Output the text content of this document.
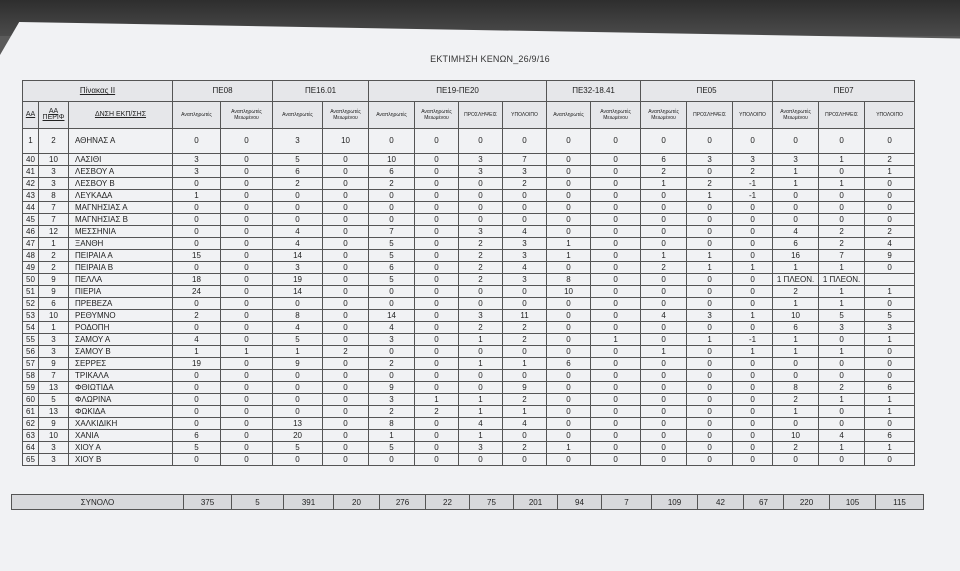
ΕΚΤΙΜΗΣΗ ΚΕΝΩΝ_26/9/16
Πίνακας ΙΙ			ΠΕ08		ΠΕ16.01		ΠΕ19-ΠΕ20				ΠΕ32-18.41		ΠΕ05			ΠΕ07		
ΑΑ	ΑΑ ΠΕΡΙΦ	ΔΝΣΗ ΕΚΠ/ΣΗΣ	Αναπληρωτές	Αναπληρωτές Μειωμένου	Αναπληρωτές	Αναπληρωτές Μειωμένου	Αναπληρωτές	Αναπληρωτές Μειωμένου	ΠΡΟΣΛΗΨΕΙΣ	ΥΠΟΛΟΙΠΟ	Αναπληρωτές	Αναπληρωτές Μειωμένου	Αναπληρωτές Μειωμένου	ΠΡΟΣΛΗΨΕΙΣ	ΥΠΟΛΟΙΠΟ	Αναπληρωτές Μειωμένου	ΠΡΟΣΛΗΨΕΙΣ	ΥΠΟΛΟΙΠΟ
1	2	ΑΘΗΝΑΣ Α	0	0	3	10	0	0	0	0	0	0	0	0	0	0	0	0
40	10	ΛΑΣΙΘΙ	3	0	5	0	10	0	3	7	0	0	6	3	3	3	1	2
41	3	ΛΕΣΒΟΥ Α	3	0	6	0	6	0	3	3	0	0	2	0	2	1	0	1
42	3	ΛΕΣΒΟΥ Β	0	0	2	0	2	0	0	2	0	0	1	2	-1	1	1	0
43	8	ΛΕΥΚΑΔΑ	1	0	0	0	0	0	0	0	0	0	0	1	-1	0	0	0
44	7	ΜΑΓΝΗΣΙΑΣ Α	0	0	0	0	0	0	0	0	0	0	0	0	0	0	0	0
45	7	ΜΑΓΝΗΣΙΑΣ Β	0	0	0	0	0	0	0	0	0	0	0	0	0	0	0	0
46	12	ΜΕΣΣΗΝΙΑ	0	0	4	0	7	0	3	4	0	0	0	0	0	4	2	2
47	1	ΞΑΝΘΗ	0	0	4	0	5	0	2	3	1	0	0	0	0	6	2	4
48	2	ΠΕΙΡΑΙΑ Α	15	0	14	0	5	0	2	3	1	0	1	1	0	16	7	9
49	2	ΠΕΙΡΑΙΑ Β	0	0	3	0	6	0	2	4	0	0	2	1	1	1	1	0
50	9	ΠΕΛΛΑ	18	0	19	0	5	0	2	3	8	0	0	0	0	1 ΠΛΕΟΝ.	1 ΠΛΕΟΝ.	
51	9	ΠΙΕΡΙΑ	24	0	14	0	0	0	0	0	10	0	0	0	0	2	1	1
52	6	ΠΡΕΒΕΖΑ	0	0	0	0	0	0	0	0	0	0	0	0	0	1	1	0
53	10	ΡΕΘΥΜΝΟ	2	0	8	0	14	0	3	11	0	0	4	3	1	10	5	5
54	1	ΡΟΔΟΠΗ	0	0	4	0	4	0	2	2	0	0	0	0	0	6	3	3
55	3	ΣΑΜΟΥ Α	4	0	5	0	3	0	1	2	0	1	0	1	-1	1	0	1
56	3	ΣΑΜΟΥ Β	1	1	1	2	0	0	0	0	0	0	1	0	1	1	1	0
57	9	ΣΕΡΡΕΣ	19	0	9	0	2	0	1	1	6	0	0	0	0	0	0	0
58	7	ΤΡΙΚΑΛΑ	0	0	0	0	0	0	0	0	0	0	0	0	0	0	0	0
59	13	ΦΘΙΩΤΙΔΑ	0	0	0	0	9	0	0	9	0	0	0	0	0	8	2	6
60	5	ΦΛΩΡΙΝΑ	0	0	0	0	3	1	1	2	0	0	0	0	0	2	1	1
61	13	ΦΩΚΙΔΑ	0	0	0	0	2	2	1	1	0	0	0	0	0	1	0	1
62	9	ΧΑΛΚΙΔΙΚΗ	0	0	13	0	8	0	4	4	0	0	0	0	0	0	0	0
63	10	ΧΑΝΙΑ	6	0	20	0	1	0	1	0	0	0	0	0	0	10	4	6
64	3	ΧΙΟΥ Α	5	0	5	0	5	0	3	2	1	0	0	0	0	2	1	1
65	3	ΧΙΟΥ Β	0	0	0	0	0	0	0	0	0	0	0	0	0	0	0	0
ΣΥΝΟΛΟ	375	5	391	20	276	22	75	201	94	7	109	42	67	220	105	115
